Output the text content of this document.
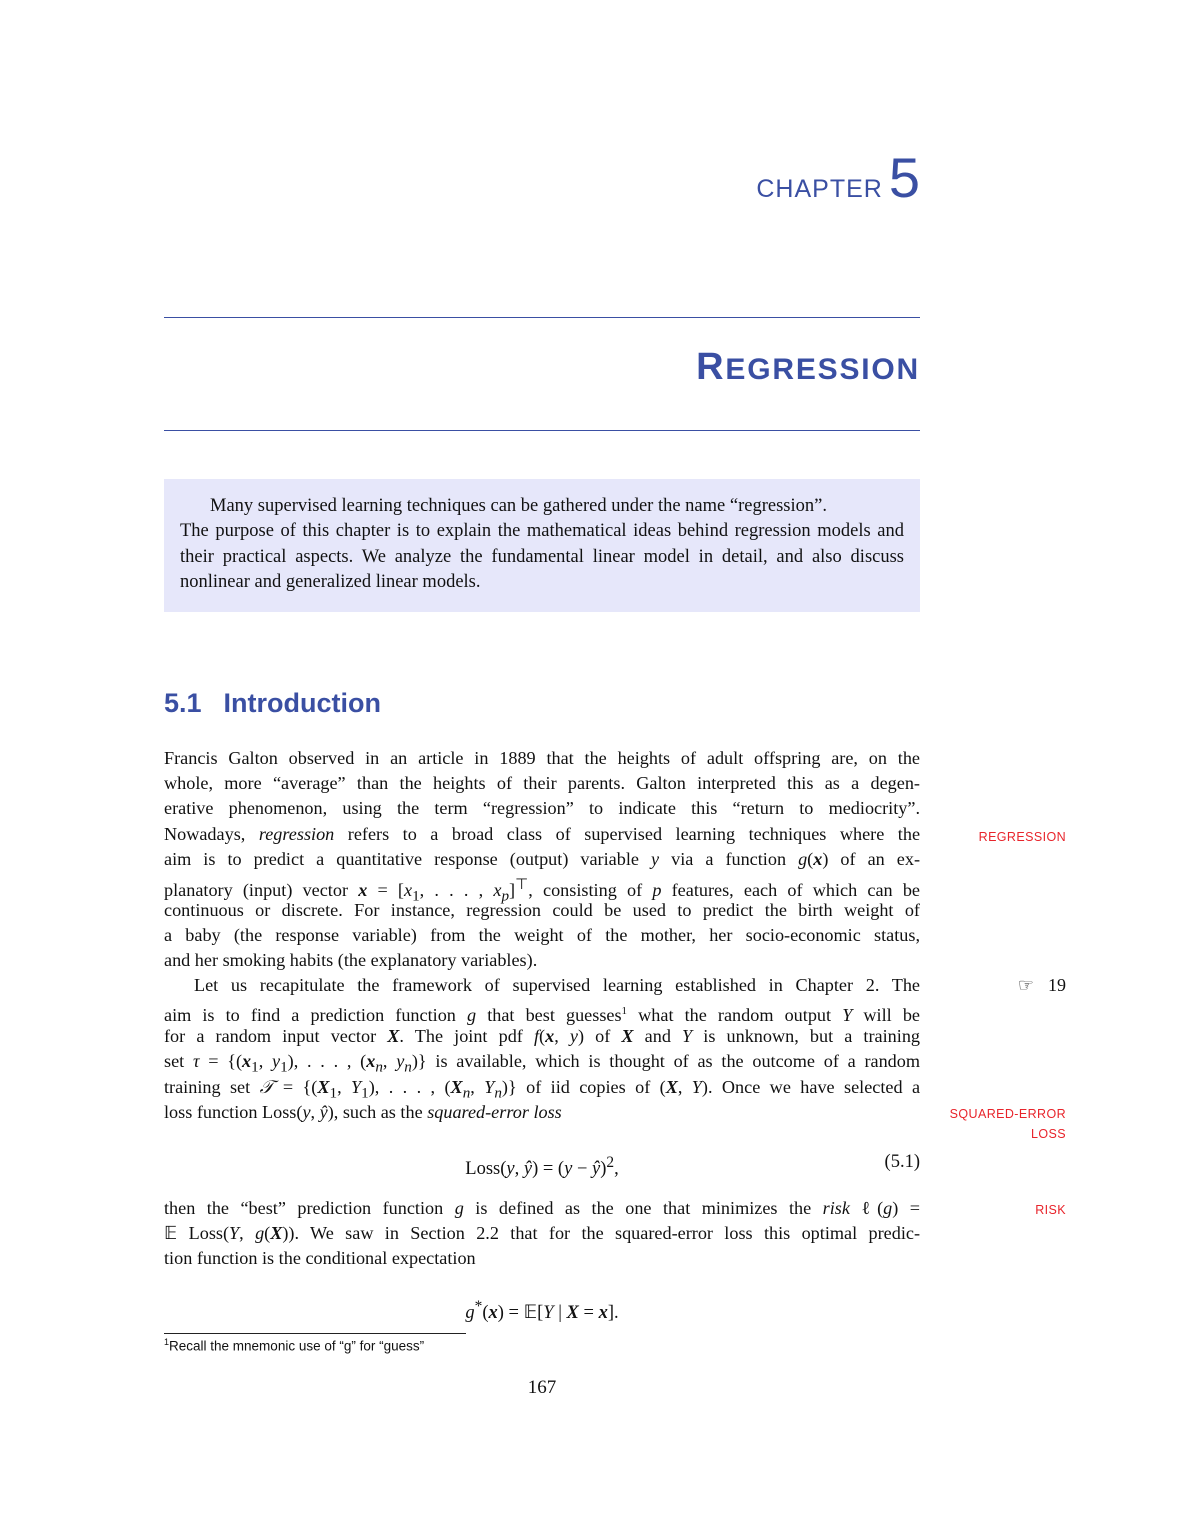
CHAPTER 5
REGRESSION
Many supervised learning techniques can be gathered under the name “regression”.
The purpose of this chapter is to explain the mathematical ideas behind regression models and their practical aspects. We analyze the fundamental linear model in detail, and also discuss nonlinear and generalized linear models.
5.1 Introduction
Francis Galton observed in an article in 1889 that the heights of adult offspring are, on the
whole, more “average” than the heights of their parents. Galton interpreted this as a degen-
erative phenomenon, using the term “regression” to indicate this “return to mediocrity”.
Nowadays, regression refers to a broad class of supervised learning techniques where the
aim is to predict a quantitative response (output) variable y via a function g(x) of an ex-
planatory (input) vector $x = [x_1$, . . . , $x_p]^⊤$, consisting of p features, each of which can be
continuous or discrete. For instance, regression could be used to predict the birth weight of
a baby (the response variable) from the weight of the mother, her socio-economic status,
and her smoking habits (the explanatory variables).
Let us recapitulate the framework of supervised learning established in Chapter 2. The
aim is to find a prediction function g that best guesses$^1$ what the random output Y will be
for a random input vector X. The joint pdf f(x, y) of X and Y is unknown, but a training
set $\tau = \{(x_1$, $y_1$), . . . , ($x_n$, $y_n$)} is available, which is thought of as the outcome of a random
training set 𝒯 = {($X_1$, $Y_1$), . . . , ($X_n$, $Y_n$)} of iid copies of (X, Y). Once we have selected a
loss function Loss(y, ŷ), such as the squared-error loss
Loss(y, ŷ) = (y − ŷ)$^2$,	(5.1)
then the “best” prediction function g is defined as the one that minimizes the risk ℓ(g) =
𝔼 Loss(Y, g(X)). We saw in Section 2.2 that for the squared-error loss this optimal predic-
tion function is the conditional expectation
g*(x) = 𝔼[Y | X = x].
REGRESSION
☞ 19
SQUARED-ERROR
LOSS
RISK
$^1$Recall the mnemonic use of “g” for “guess”
167
